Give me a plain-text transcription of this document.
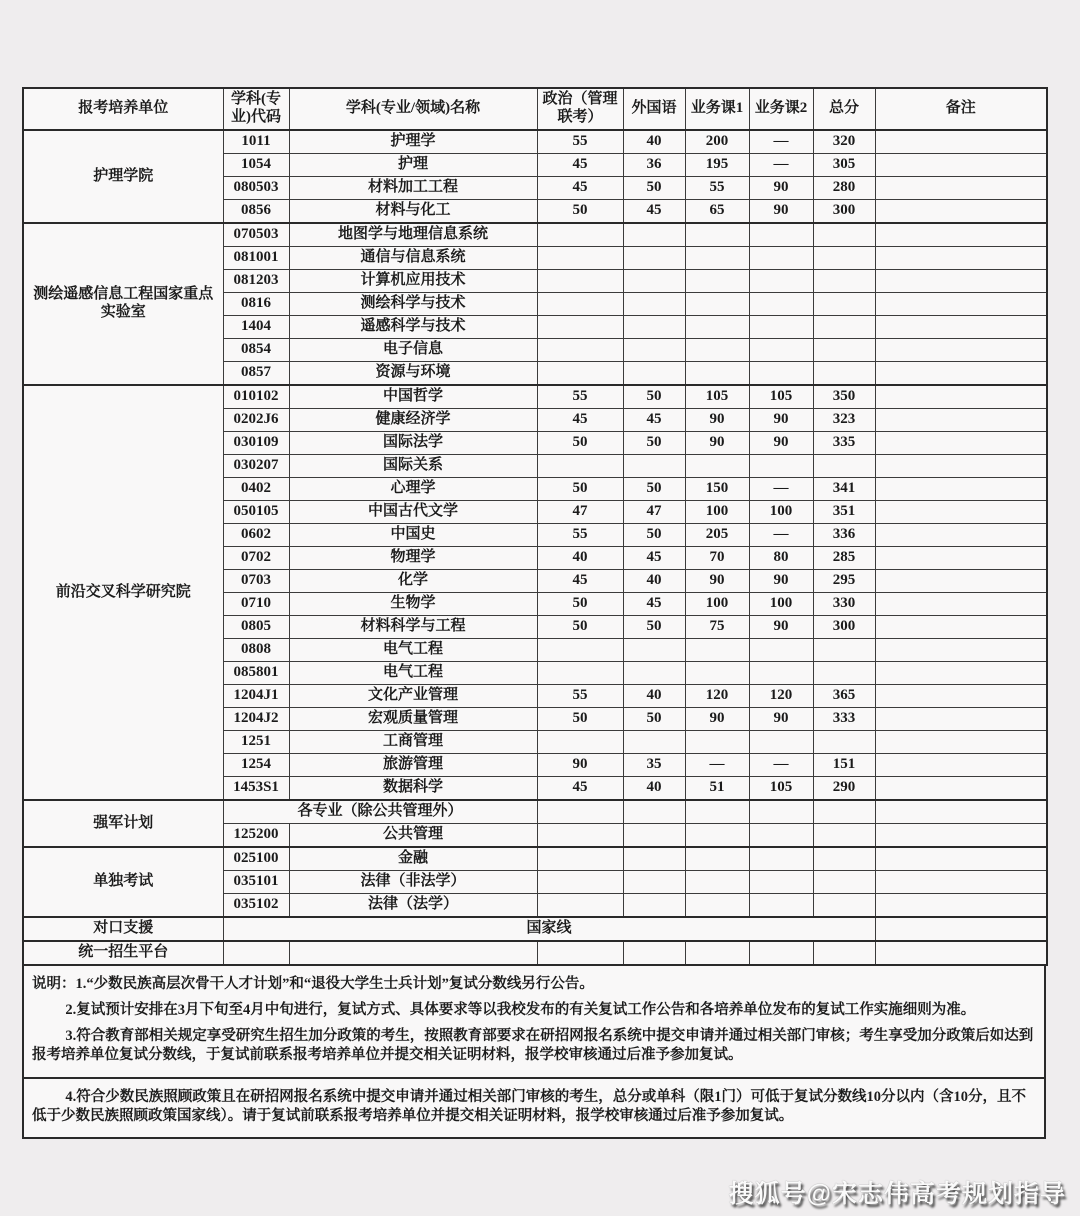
报考培养单位	学科(专业)代码	学科(专业/领域)名称	政治（管理联考）	外国语	业务课1	业务课2	总分	备注
护理学院	1011	护理学	55	40	200	—	320	
	1054	护理	45	36	195	—	305	
	080503	材料加工工程	45	50	55	90	280	
	0856	材料与化工	50	45	65	90	300	
测绘遥感信息工程国家重点实验室	070503	地图学与地理信息系统						
	081001	通信与信息系统						
	081203	计算机应用技术						
	0816	测绘科学与技术						
	1404	遥感科学与技术						
	0854	电子信息						
	0857	资源与环境						
前沿交叉科学研究院	010102	中国哲学	55	50	105	105	350	
	0202J6	健康经济学	45	45	90	90	323	
	030109	国际法学	50	50	90	90	335	
	030207	国际关系						
	0402	心理学	50	50	150	—	341	
	050105	中国古代文学	47	47	100	100	351	
	0602	中国史	55	50	205	—	336	
	0702	物理学	40	45	70	80	285	
	0703	化学	45	40	90	90	295	
	0710	生物学	50	45	100	100	330	
	0805	材料科学与工程	50	50	75	90	300	
	0808	电气工程						
	085801	电气工程						
	1204J1	文化产业管理	55	40	120	120	365	
	1204J2	宏观质量管理	50	50	90	90	333	
	1251	工商管理						
	1254	旅游管理	90	35	—	—	151	
	1453S1	数据科学	45	40	51	105	290	
强军计划	各专业（除公共管理外）							
	125200	公共管理						
单独考试	025100	金融						
	035101	法律（非法学）						
	035102	法律（法学）						
对口支援	国家线							
统一招生平台								

说明：1.“少数民族高层次骨干人才计划”和“退役大学生士兵计划”复试分数线另行公告。

2.复试预计安排在3月下旬至4月中旬进行，复试方式、具体要求等以我校发布的有关复试工作公告和各培养单位发布的复试工作实施细则为准。

3.符合教育部相关规定享受研究生招生加分政策的考生，按照教育部要求在研招网报名系统中提交申请并通过相关部门审核；考生享受加分政策后如达到报考培养单位复试分数线，于复试前联系报考培养单位并提交相关证明材料，报学校审核通过后准予参加复试。

4.符合少数民族照顾政策且在研招网报名系统中提交申请并通过相关部门审核的考生，总分或单科（限1门）可低于复试分数线10分以内（含10分，且不低于少数民族照顾政策国家线）。请于复试前联系报考培养单位并提交相关证明材料，报学校审核通过后准予参加复试。

搜狐号@宋志伟高考规划指导
